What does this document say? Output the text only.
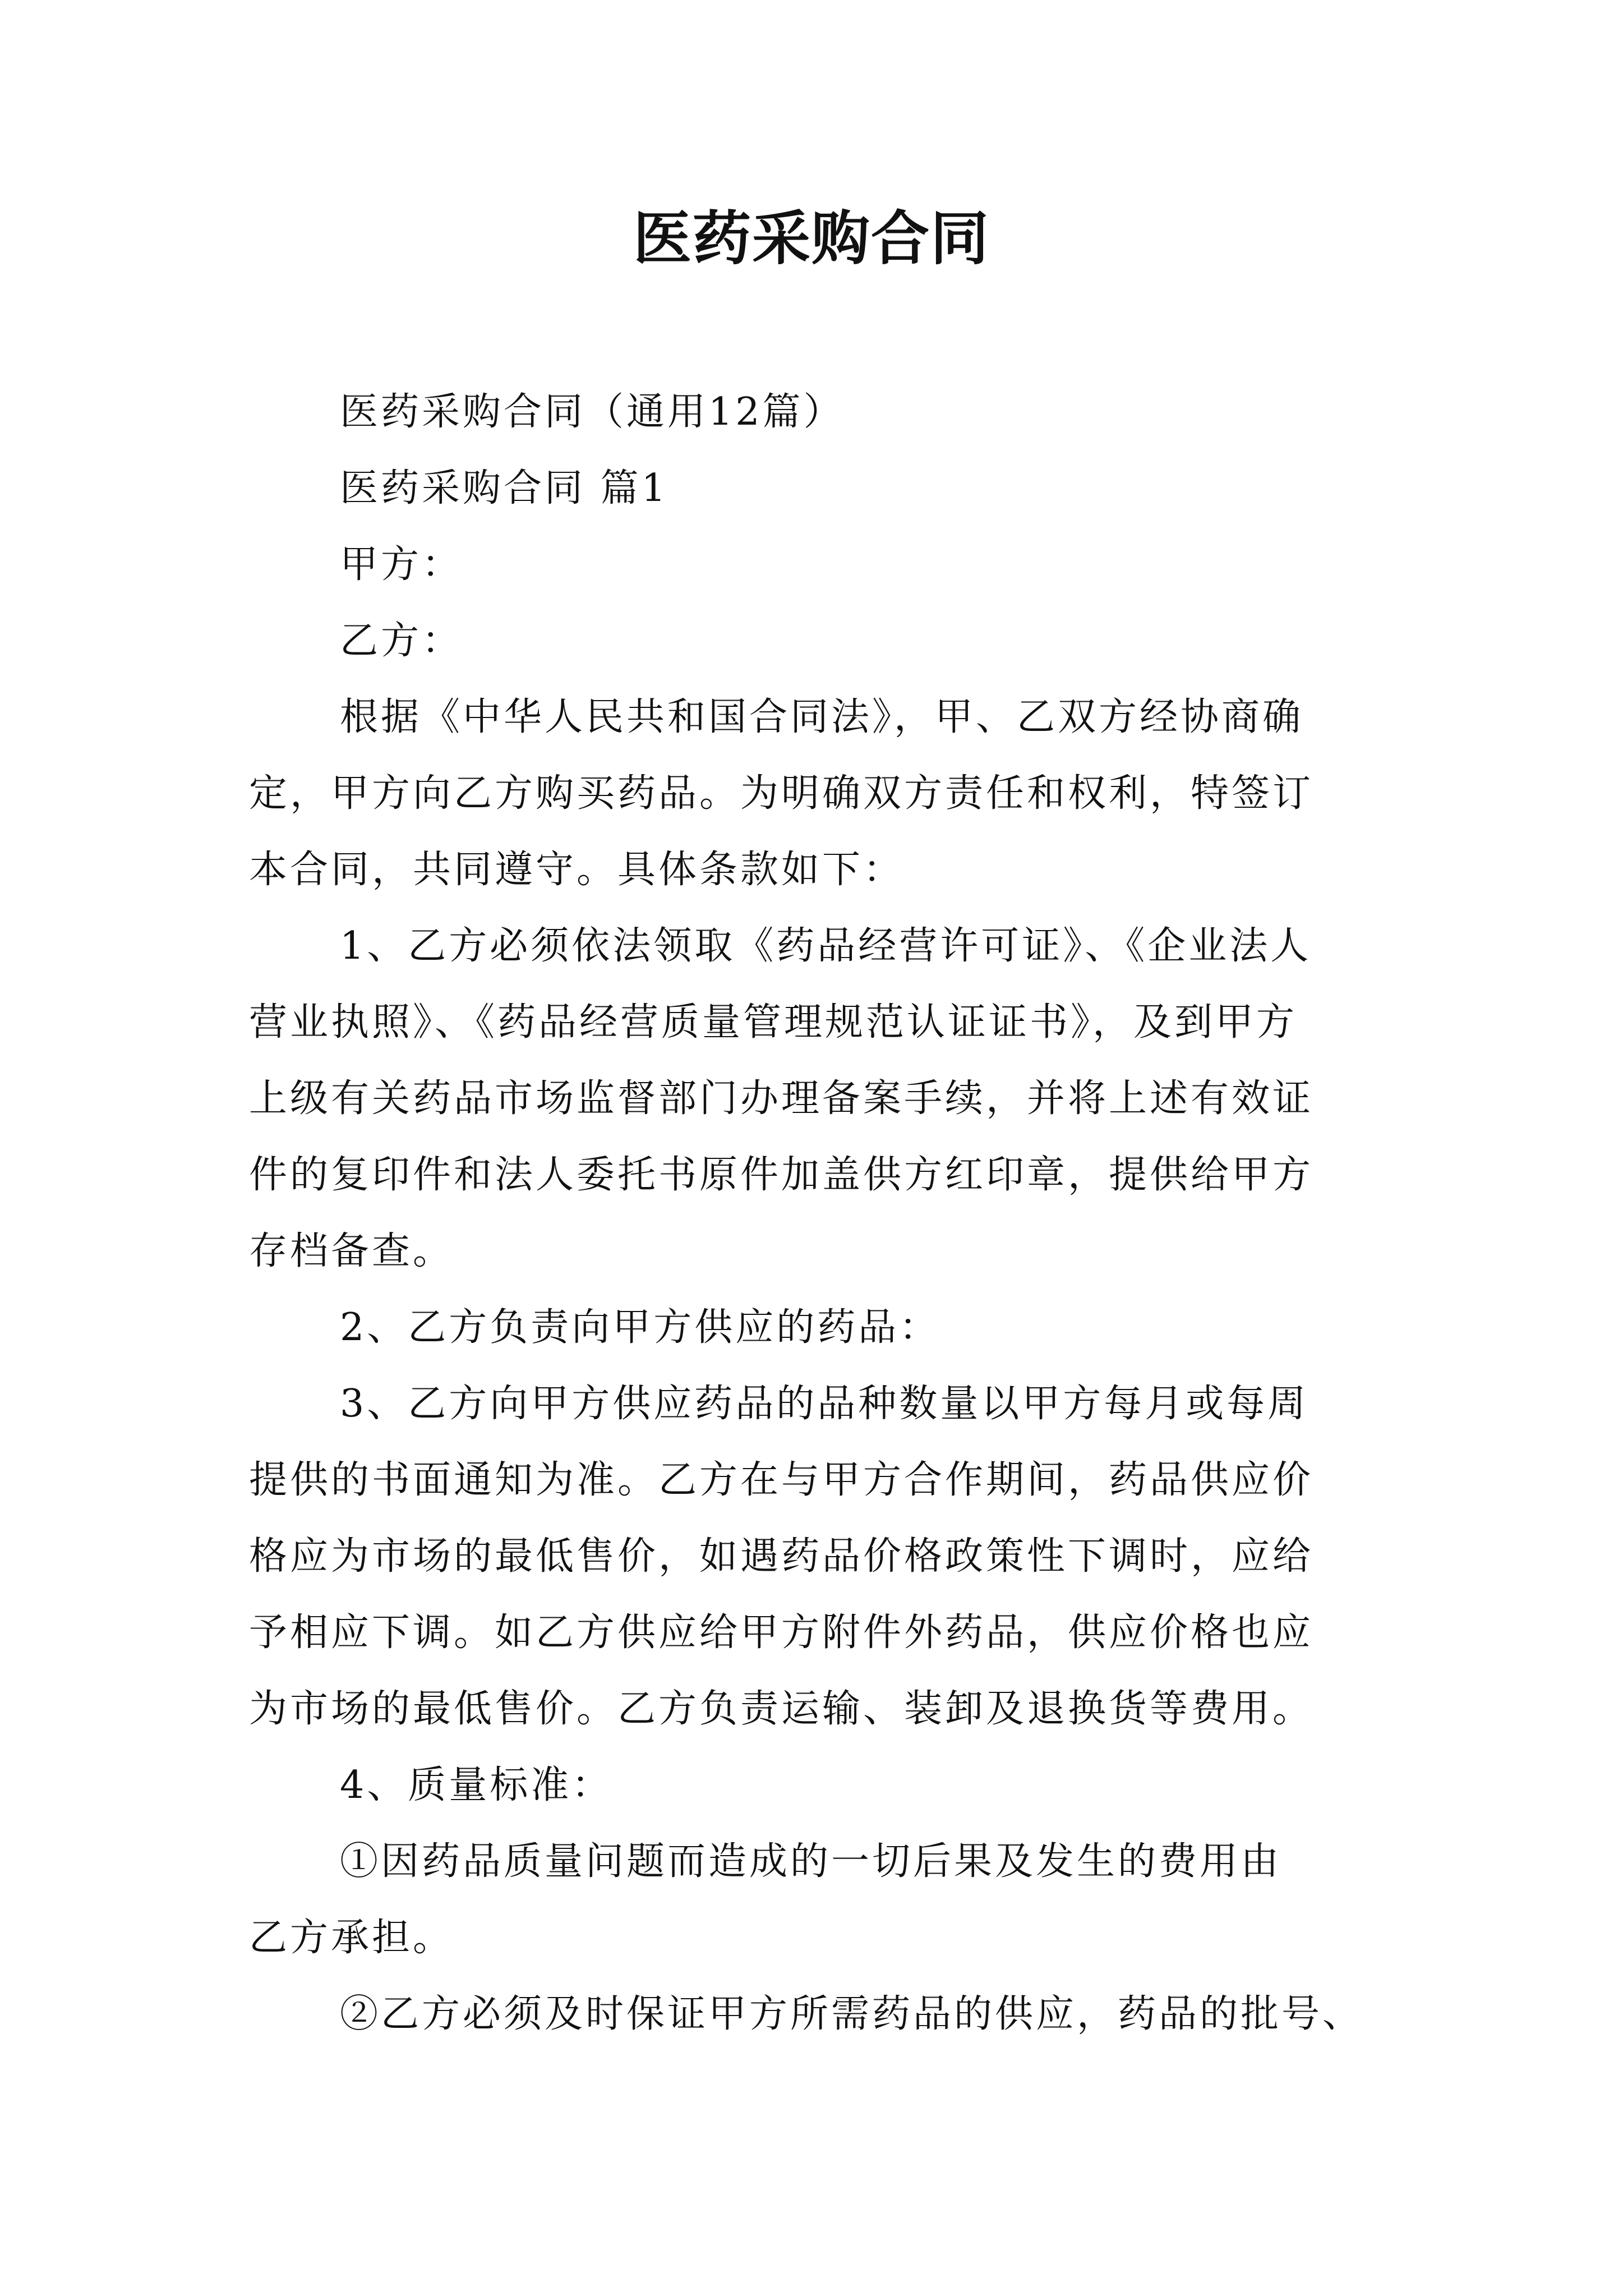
医药采购合同
医药采购合同（通用12篇）
医药采购合同 篇1
甲方：
乙方：
根据《中华人民共和国合同法》，甲、乙双方经协商确
定，甲方向乙方购买药品。为明确双方责任和权利，特签订
本合同，共同遵守。具体条款如下：
1、乙方必须依法领取《药品经营许可证》、《企业法人
营业执照》、《药品经营质量管理规范认证证书》，及到甲方
上级有关药品市场监督部门办理备案手续，并将上述有效证
件的复印件和法人委托书原件加盖供方红印章，提供给甲方
存档备查。
2、乙方负责向甲方供应的药品：
3、乙方向甲方供应药品的品种数量以甲方每月或每周
提供的书面通知为准。乙方在与甲方合作期间，药品供应价
格应为市场的最低售价，如遇药品价格政策性下调时，应给
予相应下调。如乙方供应给甲方附件外药品，供应价格也应
为市场的最低售价。乙方负责运输、装卸及退换货等费用。
4、质量标准：
①因药品质量问题而造成的一切后果及发生的费用由
乙方承担。
②乙方必须及时保证甲方所需药品的供应，药品的批号、
